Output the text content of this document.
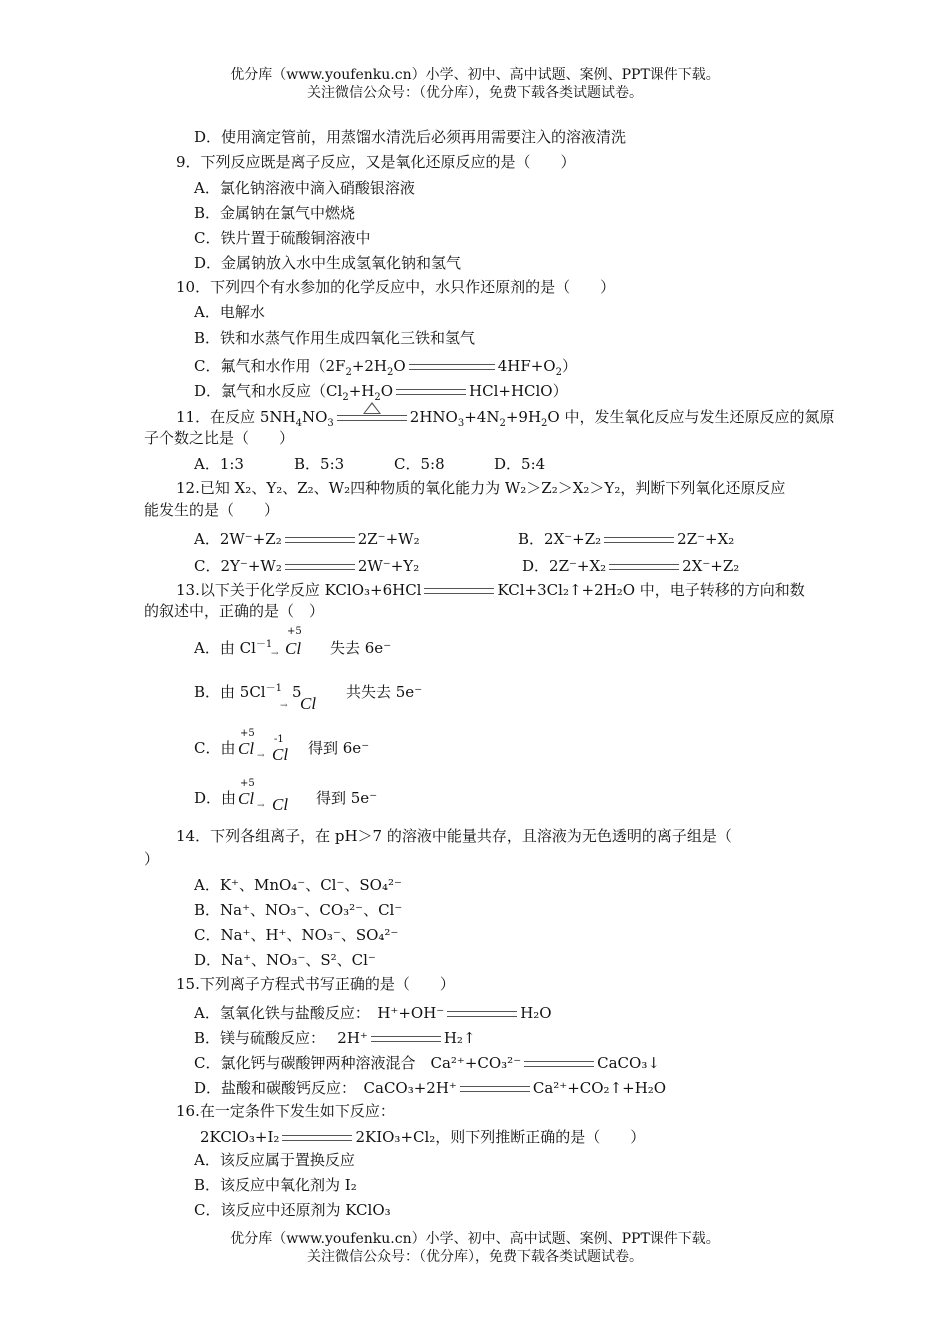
优分库（www.youfenku.cn）小学、初中、高中试题、案例、PPT课件下载。
关注微信公众号：（优分库），免费下载各类试题试卷。
D．使用滴定管前，用蒸馏水清洗后必须再用需要注入的溶液清洗
9．下列反应既是离子反应，又是氧化还原反应的是（　　）
A．氯化钠溶液中滴入硝酸银溶液
B．金属钠在氯气中燃烧
C．铁片置于硫酸铜溶液中
D．金属钠放入水中生成氢氧化钠和氢气
10．下列四个有水参加的化学反应中，水只作还原剂的是（　　）
A．电解水
B．铁和水蒸气作用生成四氧化三铁和氢气
C．氟气和水作用（$2F_2+2H_2O$	$4HF+O_2$）
D．氯气和水反应（$Cl_2+H_2O$	HCl+HClO）
11．在反应 $5NH_4NO_3$	$2HNO_3+4N_2+9H_2O$ 中，发生氧化反应与发生还原反应的氮原
子个数之比是（　　）
A．1:3	B．5:3	C．5:8	D．5:4
12.已知 X₂、Y₂、Z₂、W₂四种物质的氧化能力为 W₂＞Z₂＞X₂＞Y₂，判断下列氧化还原反应
能发生的是（　　）
A．2W⁻+Z₂	2Z⁻+W₂	B．2X⁻+Z₂	2Z⁻+X₂
C．2Y⁻+W₂	2W⁻+Y₂	D．2Z⁻+X₂	2X⁻+Z₂
13.以下关于化学反应 KClO₃+6HCl	KCl+3Cl₂↑+2H₂O 中，电子转移的方向和数
的叙述中，正确的是（　）
A．由 $Cl^{-1}$
→
+5
Cl 失去 6e⁻
B．由 $5Cl^{-1}$ 5
→ Cl
共失去 5e⁻
C．由
+5
Cl →
-1
Cl 得到 6e⁻
D．由
+5
Cl → Cl 得到 5e⁻
14．下列各组离子，在 pH＞7 的溶液中能量共存，且溶液为无色透明的离子组是（
）
A．K⁺、MnO₄⁻、Cl⁻、SO₄²⁻
B．Na⁺、NO₃⁻、CO₃²⁻、Cl⁻
C．Na⁺、H⁺、NO₃⁻、SO₄²⁻
D．Na⁺、NO₃⁻、S²、Cl⁻
15.下列离子方程式书写正确的是（　　）
A．氢氧化铁与盐酸反应：　H⁺+OH⁻	H₂O
B．镁与硫酸反应：　 2H⁺	H₂↑
C．氯化钙与碳酸钾两种溶液混合　Ca²⁺+CO₃²⁻	CaCO₃↓
D．盐酸和碳酸钙反应：　CaCO₃+2H⁺	Ca²⁺+CO₂↑+H₂O
16.在一定条件下发生如下反应：
2KClO₃+I₂	2KIO₃+Cl₂，则下列推断正确的是（　　）
A．该反应属于置换反应
B．该反应中氧化剂为 I₂
C．该反应中还原剂为 KClO₃
优分库（www.youfenku.cn）小学、初中、高中试题、案例、PPT课件下载。
关注微信公众号：（优分库），免费下载各类试题试卷。
